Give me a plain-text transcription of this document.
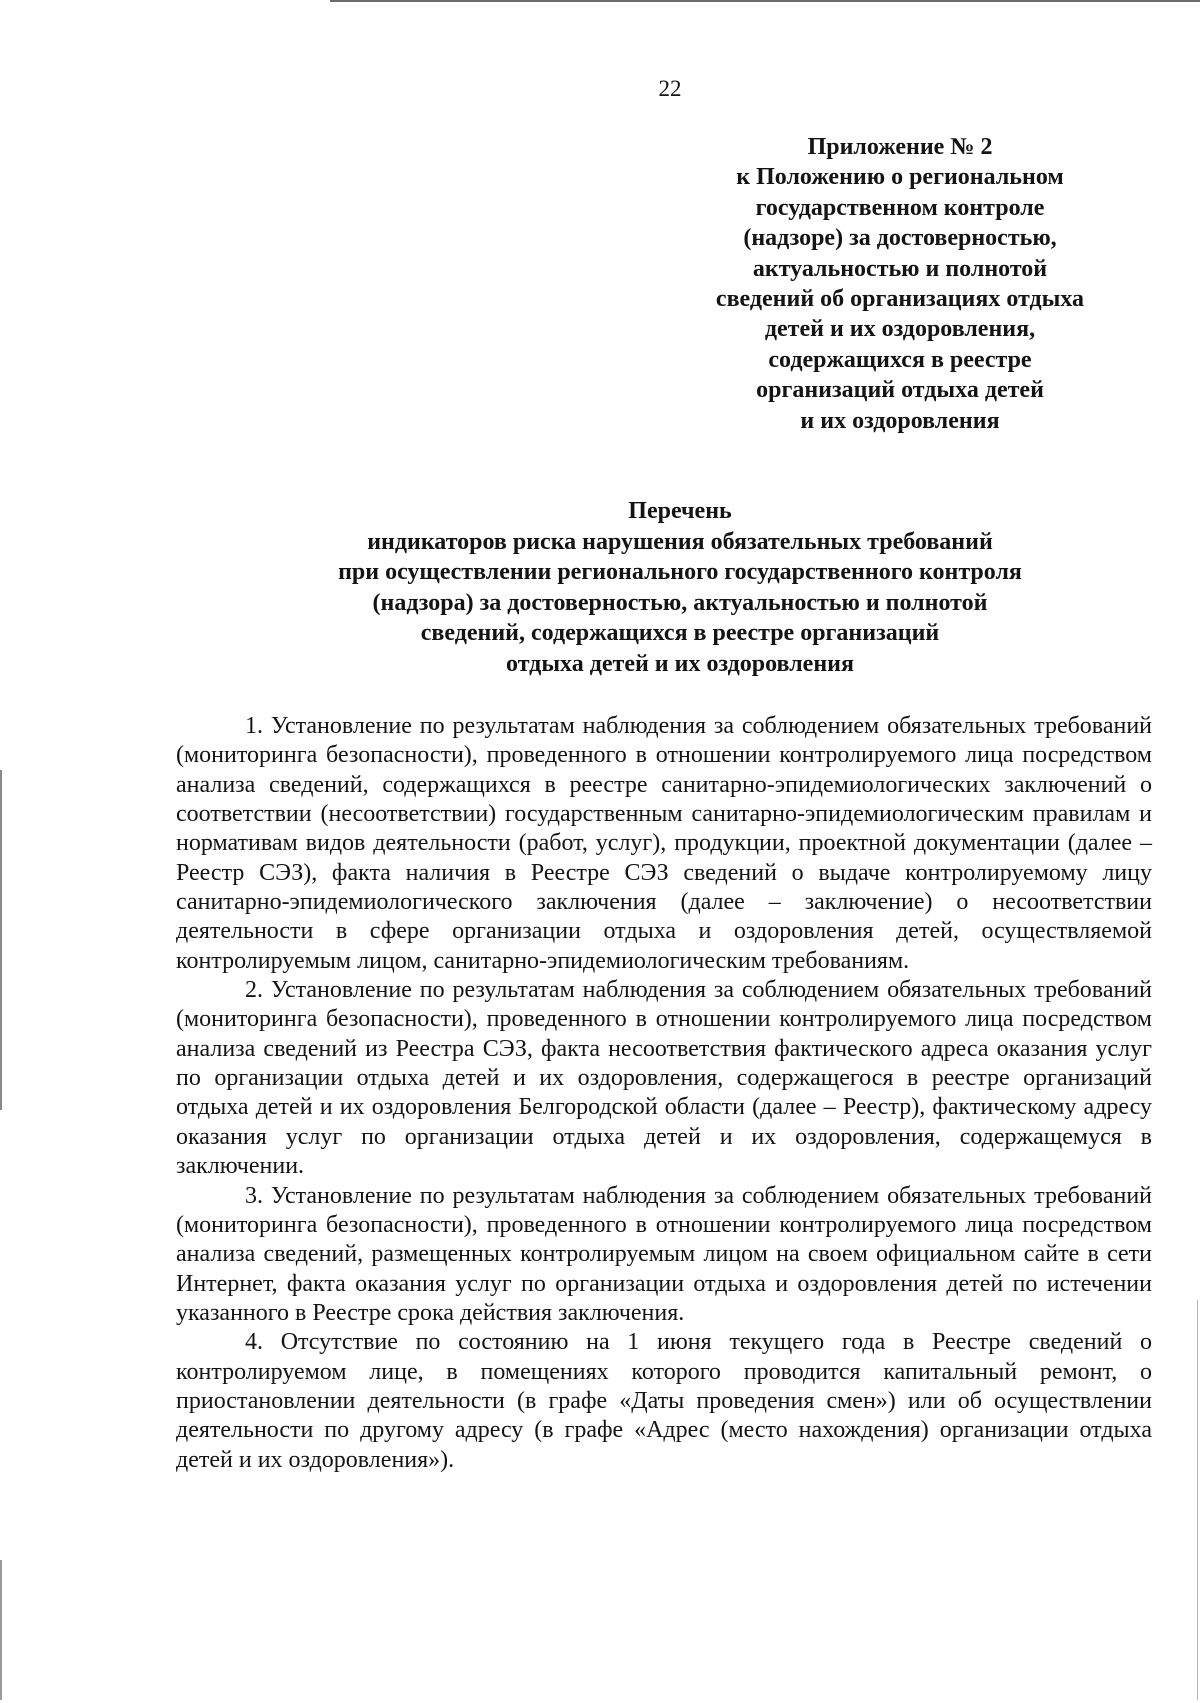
22
Приложение № 2
к Положению о региональном
государственном контроле
(надзоре) за достоверностью,
актуальностью и полнотой
сведений об организациях отдыха
детей и их оздоровления,
содержащихся в реестре
организаций отдыха детей
и их оздоровления
Перечень
индикаторов риска нарушения обязательных требований
при осуществлении регионального государственного контроля
(надзора) за достоверностью, актуальностью и полнотой
сведений, содержащихся в реестре организаций
отдыха детей и их оздоровления

1. Установление по результатам наблюдения за соблюдением обязательных требований (мониторинга безопасности), проведенного в отношении контролируемого лица посредством анализа сведений, содержащихся в реестре санитарно-эпидемиологических заключений о соответствии (несоответствии) государственным санитарно-эпидемиологическим правилам и нормативам видов деятельности (работ, услуг), продукции, проектной документации (далее – Реестр СЭЗ), факта наличия в Реестре СЭЗ сведений о выдаче контролируемому лицу санитарно-эпидемиологического заключения (далее – заключение) о несоответствии деятельности в сфере организации отдыха и оздоровления детей, осуществляемой контролируемым лицом, санитарно-эпидемиологическим требованиям.

2. Установление по результатам наблюдения за соблюдением обязательных требований (мониторинга безопасности), проведенного в отношении контролируемого лица посредством анализа сведений из Реестра СЭЗ, факта несоответствия фактического адреса оказания услуг по организации отдыха детей и их оздоровления, содержащегося в реестре организаций отдыха детей и их оздоровления Белгородской области (далее – Реестр), фактическому адресу оказания услуг по организации отдыха детей и их оздоровления, содержащемуся в заключении.

3. Установление по результатам наблюдения за соблюдением обязательных требований (мониторинга безопасности), проведенного в отношении контролируемого лица посредством анализа сведений, размещенных контролируемым лицом на своем официальном сайте в сети Интернет, факта оказания услуг по организации отдыха и оздоровления детей по истечении указанного в Реестре срока действия заключения.

4. Отсутствие по состоянию на 1 июня текущего года в Реестре сведений о контролируемом лице, в помещениях которого проводится капитальный ремонт, о приостановлении деятельности (в графе «Даты проведения смен») или об осуществлении деятельности по другому адресу (в графе «Адрес (место нахождения) организации отдыха детей и их оздоровления»).
